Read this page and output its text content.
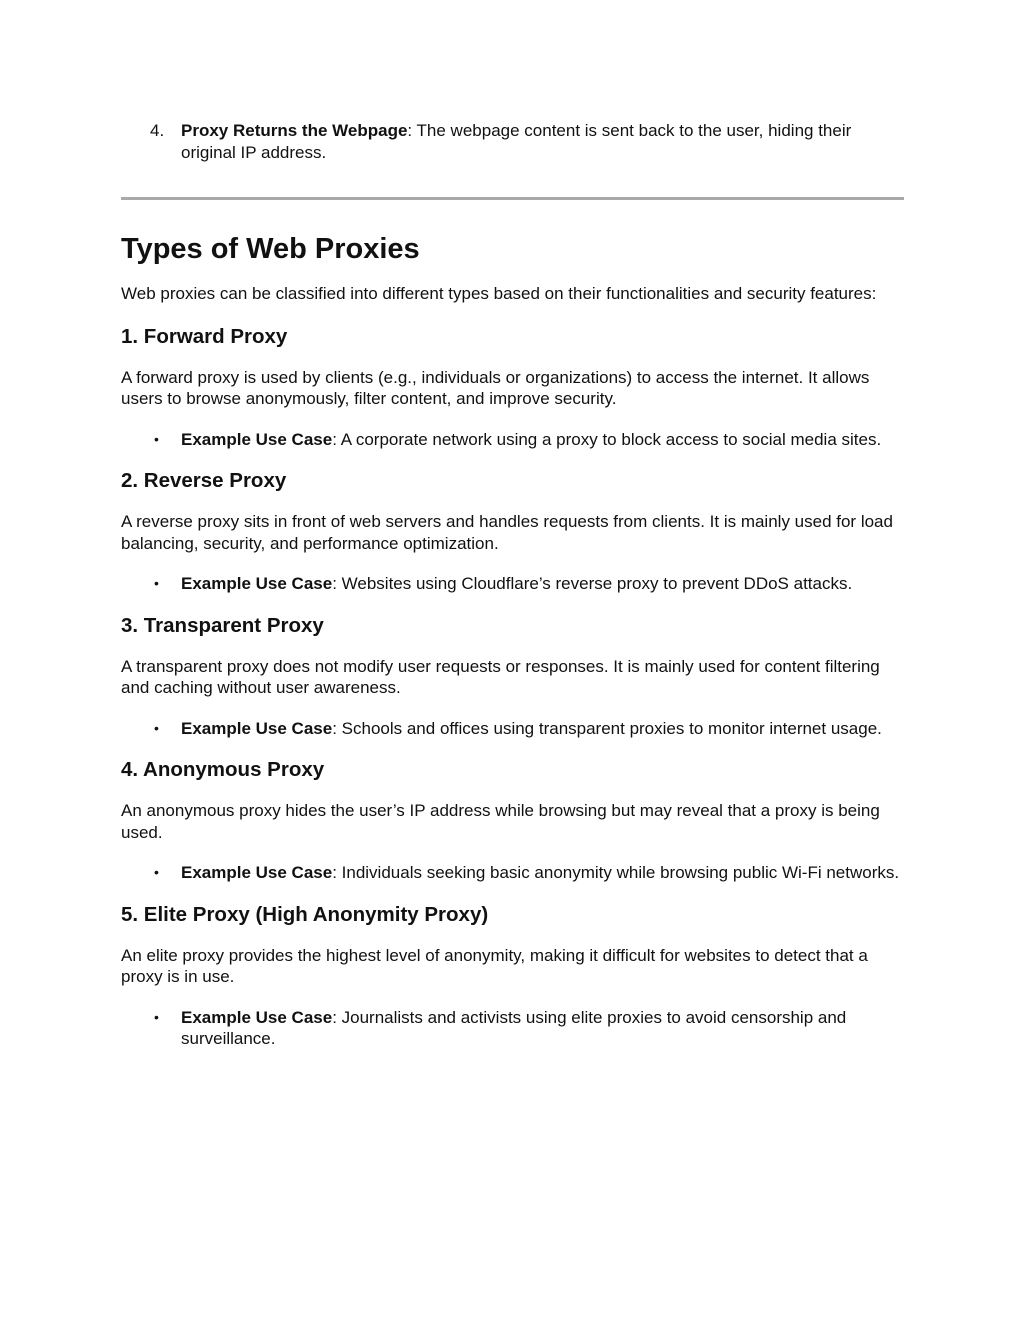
4. Proxy Returns the Webpage: The webpage content is sent back to the user, hiding their original IP address.
Types of Web Proxies

Web proxies can be classified into different types based on their functionalities and security features:

1. Forward Proxy

A forward proxy is used by clients (e.g., individuals or organizations) to access the internet. It allows users to browse anonymously, filter content, and improve security.

• Example Use Case: A corporate network using a proxy to block access to social media sites.
2. Reverse Proxy

A reverse proxy sits in front of web servers and handles requests from clients. It is mainly used for load balancing, security, and performance optimization.

• Example Use Case: Websites using Cloudflare’s reverse proxy to prevent DDoS attacks.
3. Transparent Proxy

A transparent proxy does not modify user requests or responses. It is mainly used for content filtering and caching without user awareness.

• Example Use Case: Schools and offices using transparent proxies to monitor internet usage.
4. Anonymous Proxy

An anonymous proxy hides the user’s IP address while browsing but may reveal that a proxy is being used.

• Example Use Case: Individuals seeking basic anonymity while browsing public Wi-Fi networks.
5. Elite Proxy (High Anonymity Proxy)

An elite proxy provides the highest level of anonymity, making it difficult for websites to detect that a proxy is in use.

• Example Use Case: Journalists and activists using elite proxies to avoid censorship and surveillance.
